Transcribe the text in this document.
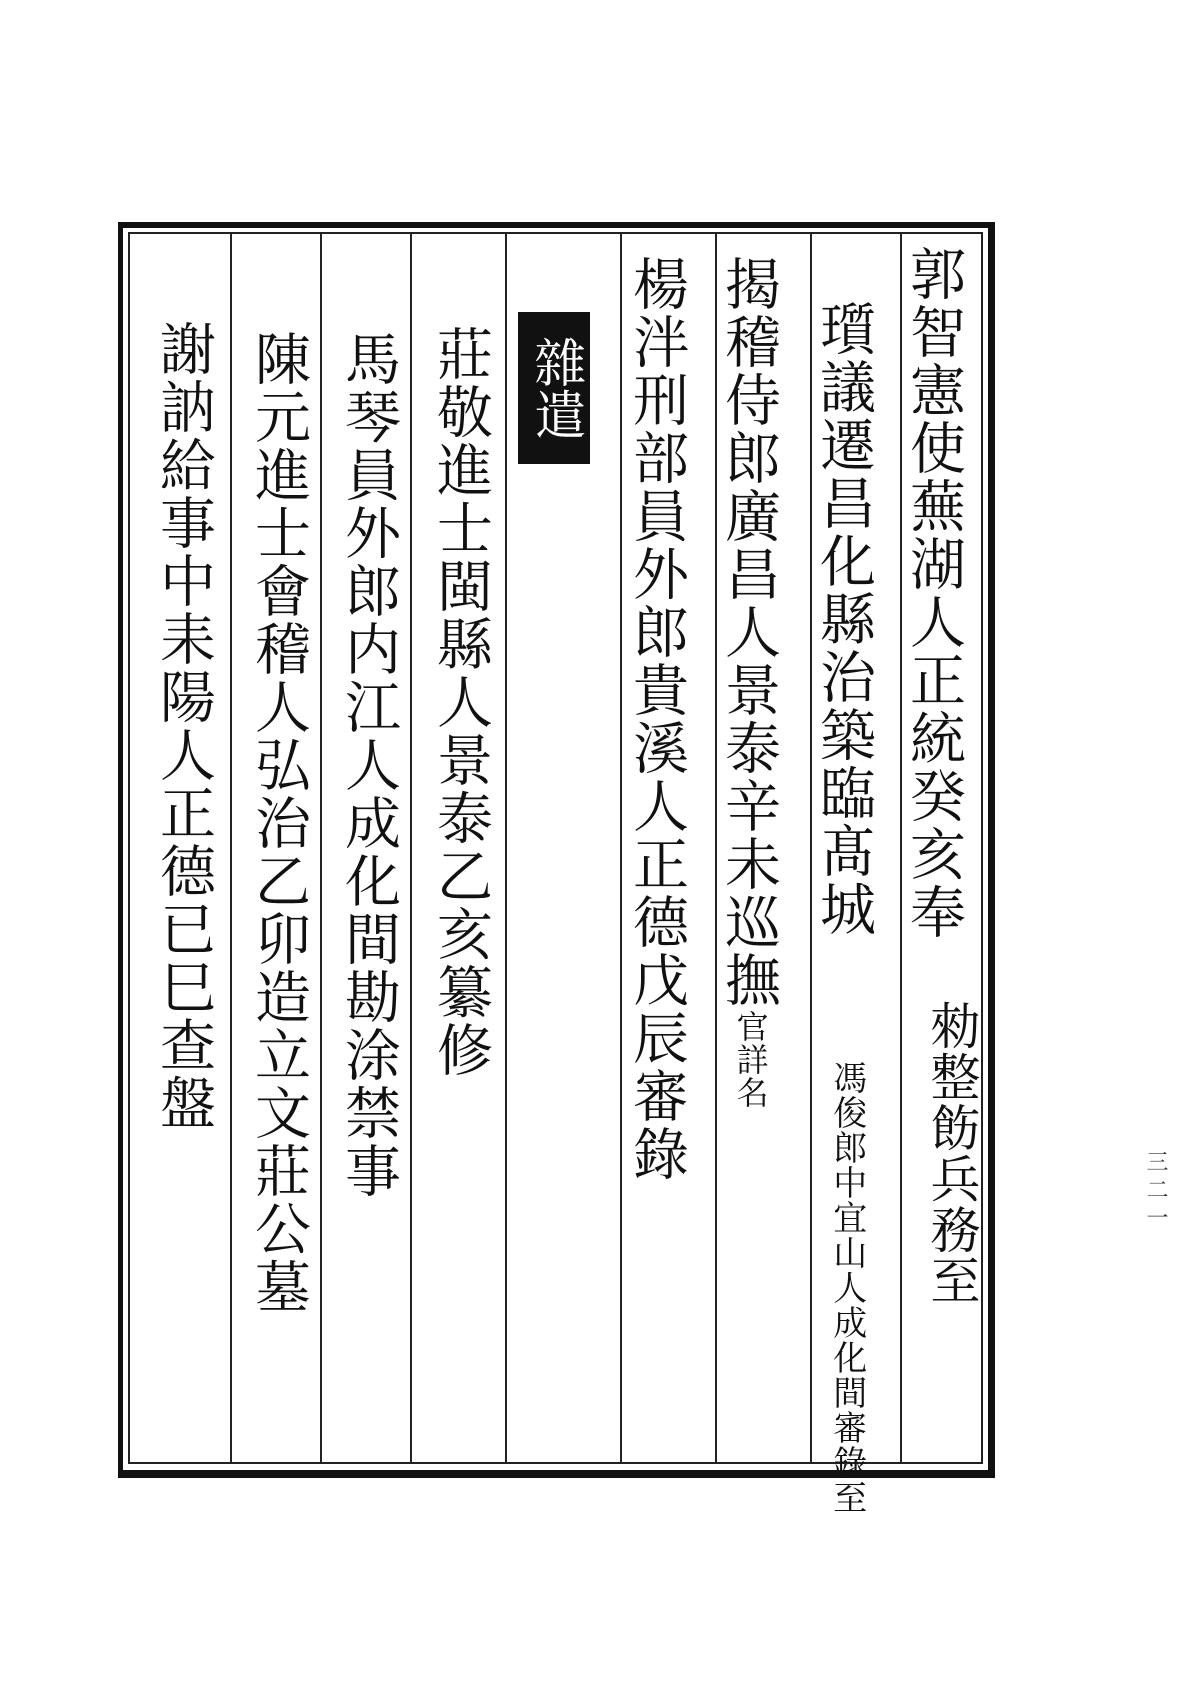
郭智憲使蕪湖人正統癸亥奉
勑整飭兵務至
瓆議遷昌化縣治築臨髙城
馮俊郎中宜山人成化間審錄至
揭稽侍郎廣昌人景泰辛未巡撫
官詳名
楊泮刑部員外郎貴溪人正德戊辰審錄
雜遣
莊敬進士閩縣人景泰乙亥纂修
馬琴員外郎内江人成化間勘涂禁事
陳元進士會稽人弘治乙卯造立文莊公墓
謝訥給事中耒陽人正德已巳查盤
三二一
